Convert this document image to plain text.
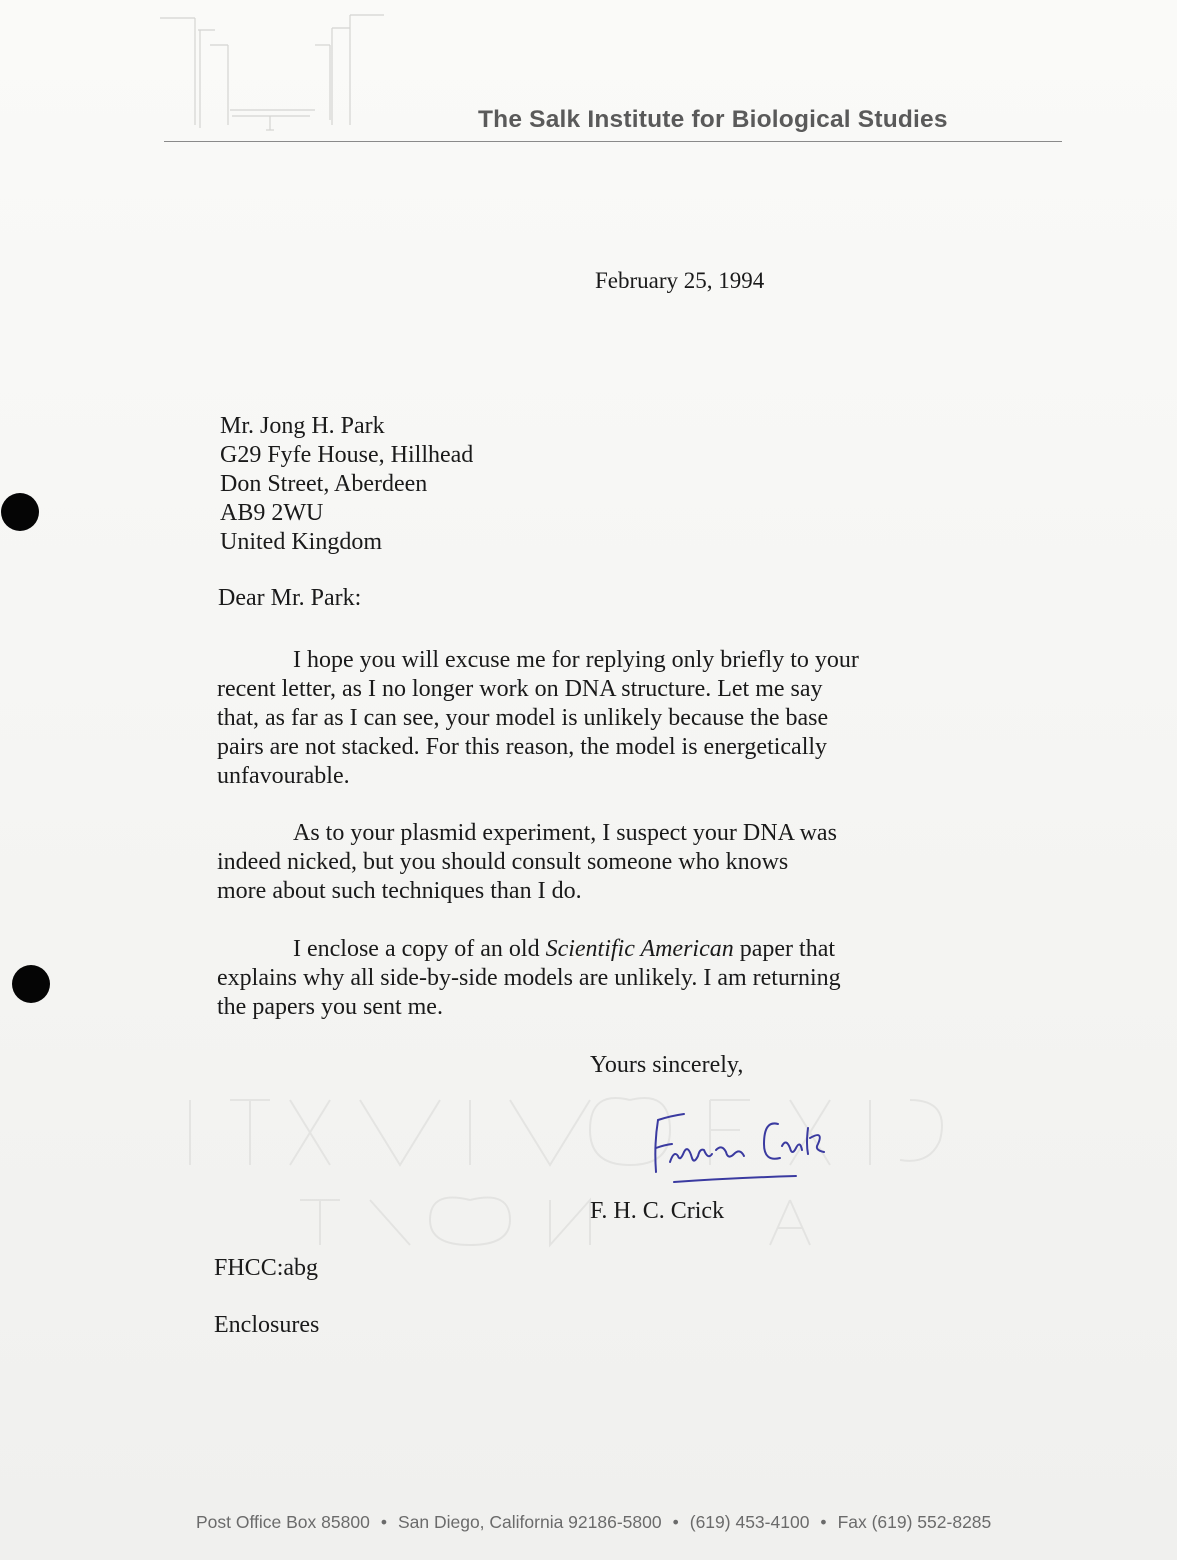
The Salk Institute for Biological Studies
February 25, 1994
Mr. Jong H. Park
G29 Fyfe House, Hillhead
Don Street, Aberdeen
AB9 2WU
United Kingdom
Dear Mr. Park:
I hope you will excuse me for replying only briefly to your
recent letter, as I no longer work on DNA structure. Let me say
that, as far as I can see, your model is unlikely because the base
pairs are not stacked. For this reason, the model is energetically
unfavourable.
As to your plasmid experiment, I suspect your DNA was
indeed nicked, but you should consult someone who knows
more about such techniques than I do.
I enclose a copy of an old Scientific American paper that
explains why all side-by-side models are unlikely. I am returning
the papers you sent me.
Yours sincerely,
F. H. C. Crick
FHCC:abg
Enclosures
Post Office Box 85800 • San Diego, California 92186-5800 • (619) 453-4100 • Fax (619) 552-8285
